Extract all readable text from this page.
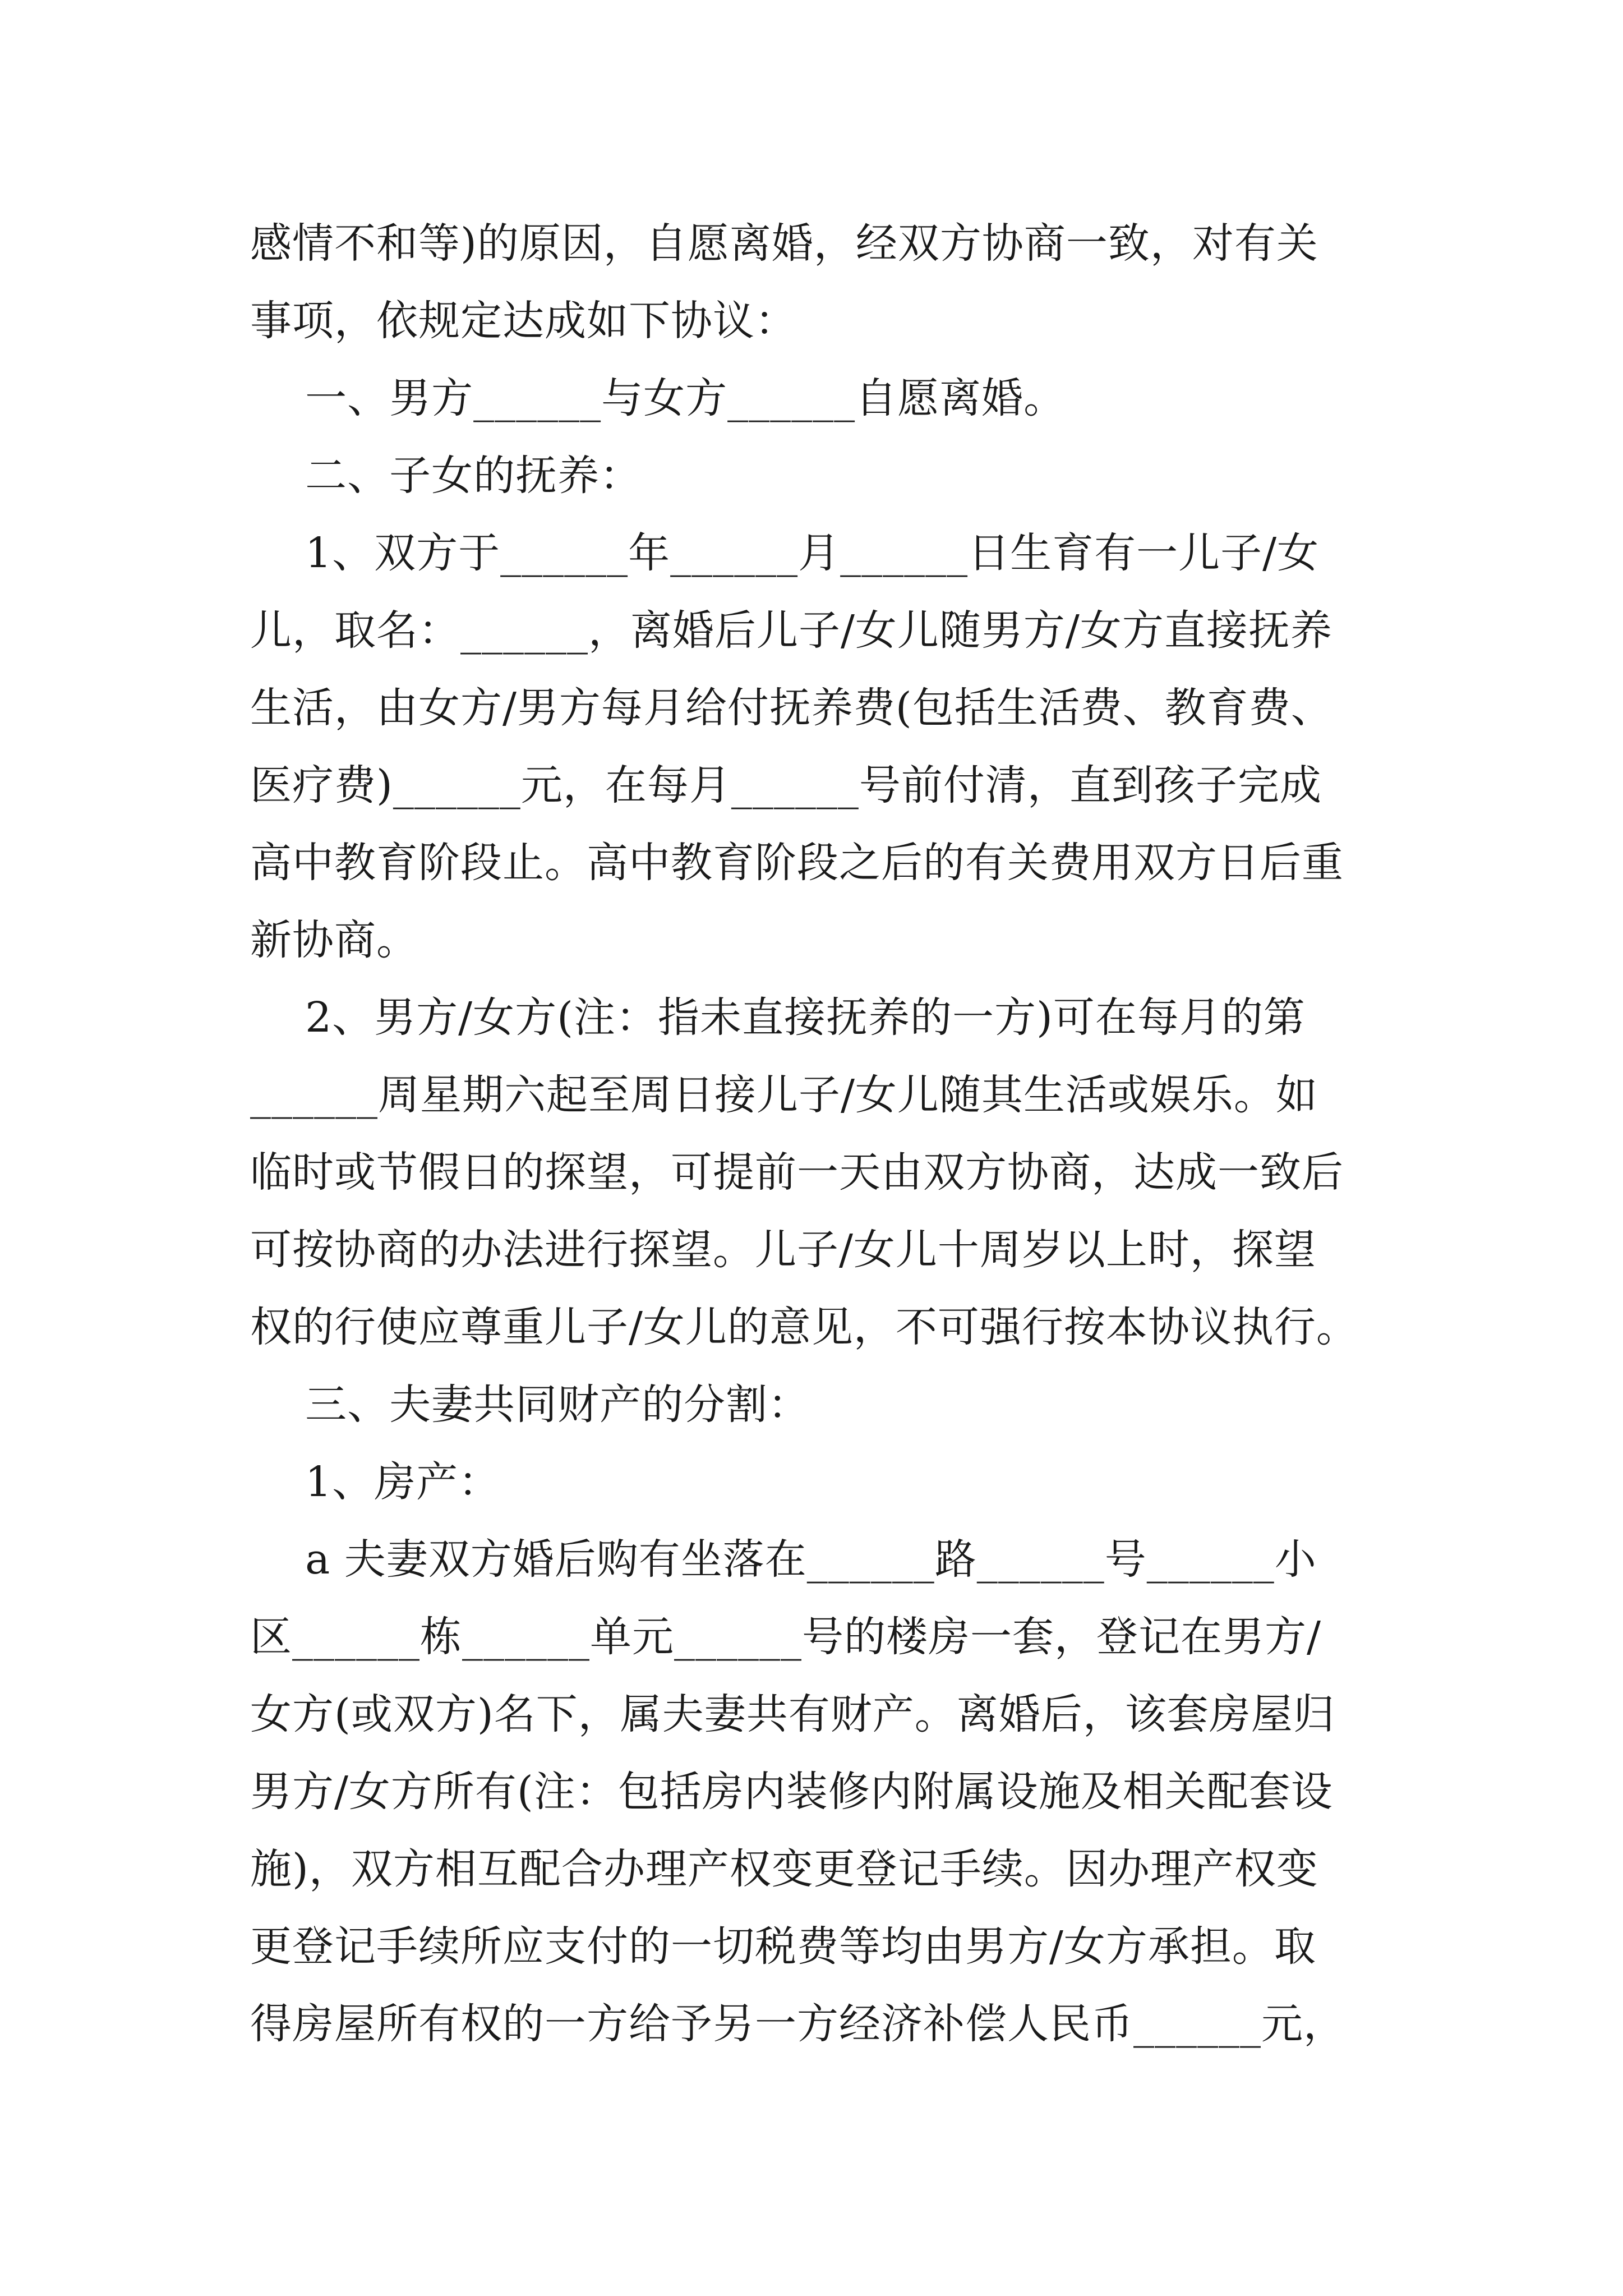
感情不和等)的原因，自愿离婚，经双方协商一致，对有关

事项，依规定达成如下协议：

一、男方______与女方______自愿离婚。

二、子女的抚养：

1、双方于______年______月______日生育有一儿子/女

儿，取名：______，离婚后儿子/女儿随男方/女方直接抚养

生活，由女方/男方每月给付抚养费(包括生活费、教育费、

医疗费)______元，在每月______号前付清，直到孩子完成

高中教育阶段止。高中教育阶段之后的有关费用双方日后重

新协商。

2、男方/女方(注：指未直接抚养的一方)可在每月的第

______周星期六起至周日接儿子/女儿随其生活或娱乐。如

临时或节假日的探望，可提前一天由双方协商，达成一致后

可按协商的办法进行探望。儿子/女儿十周岁以上时，探望

权的行使应尊重儿子/女儿的意见，不可强行按本协议执行。

三、夫妻共同财产的分割：

1、房产：

a 夫妻双方婚后购有坐落在______路______号______小

区______栋______单元______号的楼房一套，登记在男方/

女方(或双方)名下，属夫妻共有财产。离婚后，该套房屋归

男方/女方所有(注：包括房内装修内附属设施及相关配套设

施)，双方相互配合办理产权变更登记手续。因办理产权变

更登记手续所应支付的一切税费等均由男方/女方承担。取

得房屋所有权的一方给予另一方经济补偿人民币______元，
